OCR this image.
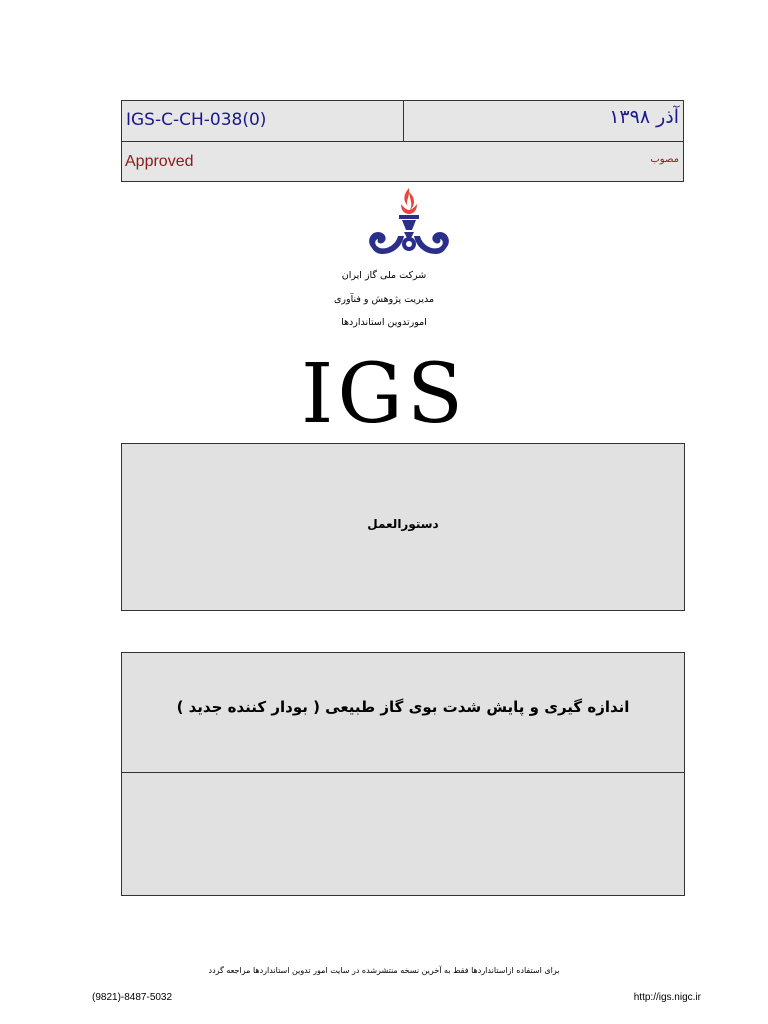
IGS-C-CH-038(0)	آذر ۱۳۹۸
Approved	مصوب
شرکت ملی گاز ایران
مدیریت پژوهش و فنآوری
امورتدوین استانداردها
IGS
دستورالعمل
اندازه گیری و پایش شدت بوی گاز طبیعی ( بودار کننده جدید )
برای استفاده ازاستانداردها فقط به آخرین نسخه منتشرشده در سایت امور تدوین استانداردها مراجعه گردد
(9821)-8487-5032	http://igs.nigc.ir
